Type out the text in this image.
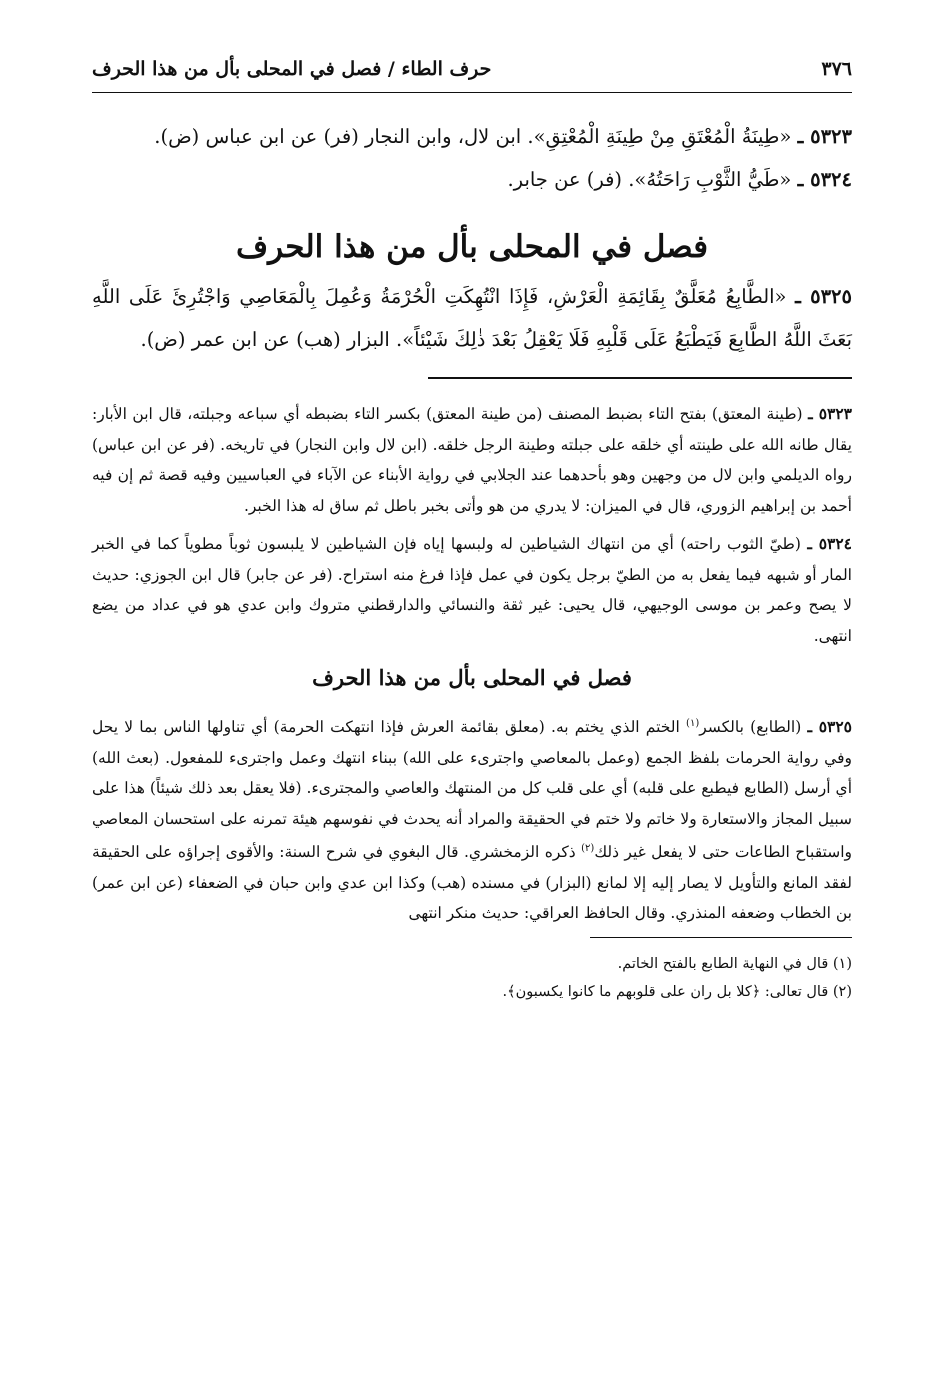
٣٧٦
حرف الطاء / فصل في المحلى بأل من هذا الحرف

٥٣٢٣ ـ «طِينَةُ الْمُعْتَقِ مِنْ طِينَةِ الْمُعْتِقِ». ابن لال، وابن النجار (فر) عن ابن عباس (ض).

٥٣٢٤ ـ «طَيُّ الثَّوْبِ رَاحَتُهُ». (فر) عن جابر.

فصل في المحلى بأل من هذا الحرف

٥٣٢٥ ـ «الطَّابِعُ مُعَلَّقٌ بِقَائِمَةِ الْعَرْشِ، فَإِذَا انْتُهِكَتِ الْحُرْمَةُ وَعُمِلَ بِالْمَعَاصِي وَاجْتُرِئَ عَلَى اللَّهِ بَعَثَ اللَّهُ الطَّابِعَ فَيَطْبَعُ عَلَى قَلْبِهِ فَلَا يَعْقِلُ بَعْدَ ذٰلِكَ شَيْئاً». البزار (هب) عن ابن عمر (ض).

٥٣٢٣ ـ (طينة المعتق) بفتح التاء بضبط المصنف (من طينة المعتق) بكسر التاء بضبطه أي سباعه وجبلته، قال ابن الأبار: يقال طانه الله على طينته أي خلقه على جبلته وطينة الرجل خلقه. (ابن لال وابن النجار) في تاريخه. (فر عن ابن عباس) رواه الديلمي وابن لال من وجهين وهو بأحدهما عند الجلابي في رواية الأبناء عن الآباء في العباسيين وفيه قصة ثم إن فيه أحمد بن إبراهيم الزوري، قال في الميزان: لا يدري من هو وأتى بخبر باطل ثم ساق له هذا الخبر.

٥٣٢٤ ـ (طيّ الثوب راحته) أي من انتهاك الشياطين له ولبسها إياه فإن الشياطين لا يلبسون ثوباً مطوياً كما في الخبر المار أو شبهه فيما يفعل به من الطيّ برجل يكون في عمل فإذا فرغ منه استراح. (فر عن جابر) قال ابن الجوزي: حديث لا يصح وعمر بن موسى الوجيهي، قال يحيى: غير ثقة والنسائي والدارقطني متروك وابن عدي هو في عداد من يضع انتهى.

فصل في المحلى بأل من هذا الحرف

٥٣٢٥ ـ (الطابع) بالكسر$^{(١)}$ الختم الذي يختم به. (معلق بقائمة العرش فإذا انتهكت الحرمة) أي تناولها الناس بما لا يحل وفي رواية الحرمات بلفظ الجمع (وعمل بالمعاصي واجترىء على الله) ببناء انتهك وعمل واجترىء للمفعول. (بعث الله) أي أرسل (الطابع فيطبع على قلبه) أي على قلب كل من المنتهك والعاصي والمجترىء. (فلا يعقل بعد ذلك شيئاً) هذا على سبيل المجاز والاستعارة ولا خاتم ولا ختم في الحقيقة والمراد أنه يحدث في نفوسهم هيئة تمرنه على استحسان المعاصي واستقباح الطاعات حتى لا يفعل غير ذلك$^{(٢)}$ ذكره الزمخشري. قال البغوي في شرح السنة: والأقوى إجراؤه على الحقيقة لفقد المانع والتأويل لا يصار إليه إلا لمانع (البزار) في مسنده (هب) وكذا ابن عدي وابن حبان في الضعفاء (عن ابن عمر) بن الخطاب وضعفه المنذري. وقال الحافظ العراقي: حديث منكر انتهى

(١) قال في النهاية الطابع بالفتح الخاتم.

(٢) قال تعالى: ﴿كلا بل ران على قلوبهم ما كانوا يكسبون﴾.
